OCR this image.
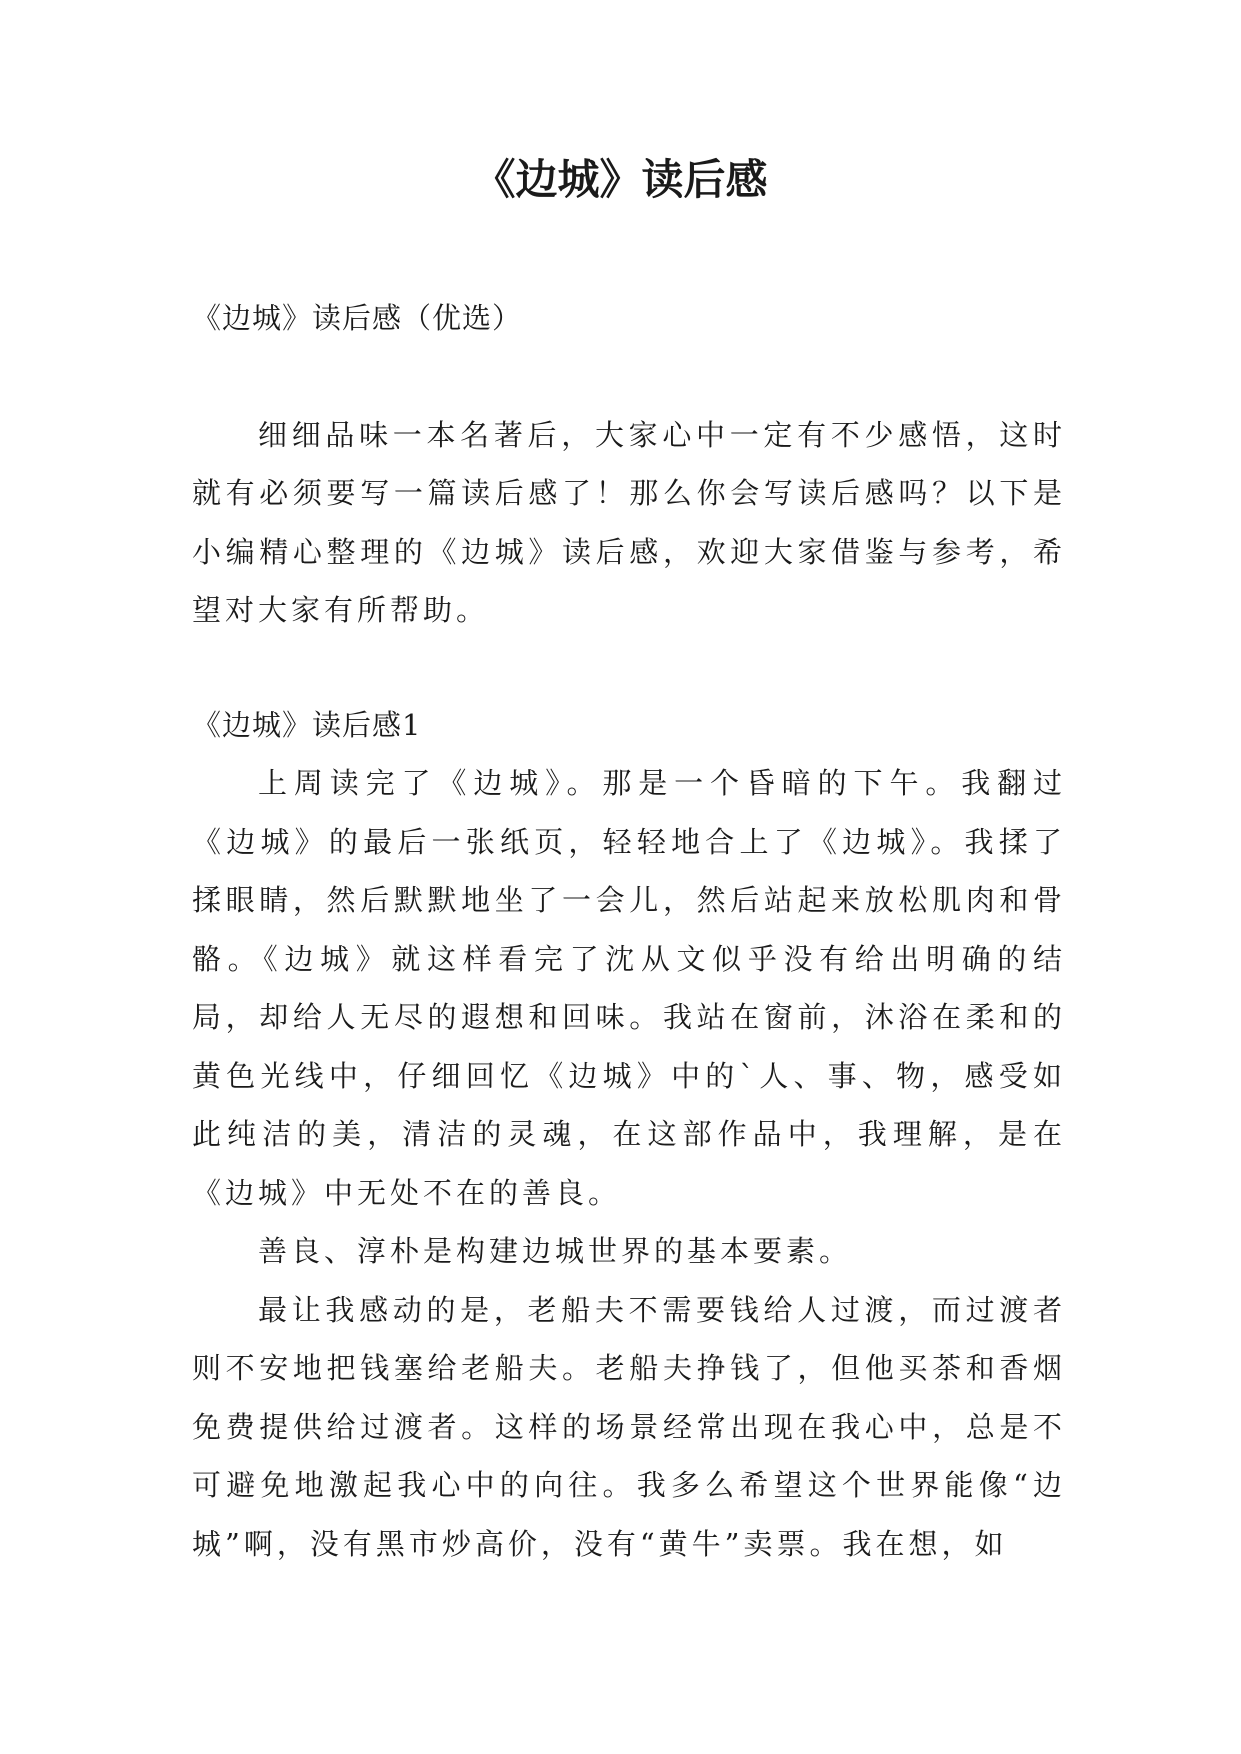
《边城》读后感

《边城》读后感（优选）

细细品味一本名著后，大家心中一定有不少感悟，这时就有必须要写一篇读后感了！那么你会写读后感吗？以下是小编精心整理的《边城》读后感，欢迎大家借鉴与参考，希望对大家有所帮助。

《边城》读后感1

上周读完了《边城》。那是一个昏暗的下午。我翻过《边城》的最后一张纸页，轻轻地合上了《边城》。我揉了揉眼睛，然后默默地坐了一会儿，然后站起来放松肌肉和骨骼。《边城》就这样看完了沈从文似乎没有给出明确的结局，却给人无尽的遐想和回味。我站在窗前，沐浴在柔和的黄色光线中，仔细回忆《边城》中的`人、事、物，感受如此纯洁的美，清洁的灵魂，在这部作品中，我理解，是在《边城》中无处不在的善良。

善良、淳朴是构建边城世界的基本要素。

最让我感动的是，老船夫不需要钱给人过渡，而过渡者则不安地把钱塞给老船夫。老船夫挣钱了，但他买茶和香烟免费提供给过渡者。这样的场景经常出现在我心中，总是不可避免地激起我心中的向往。我多么希望这个世界能像“边城”啊，没有黑市炒高价，没有“黄牛”卖票。我在想，如
